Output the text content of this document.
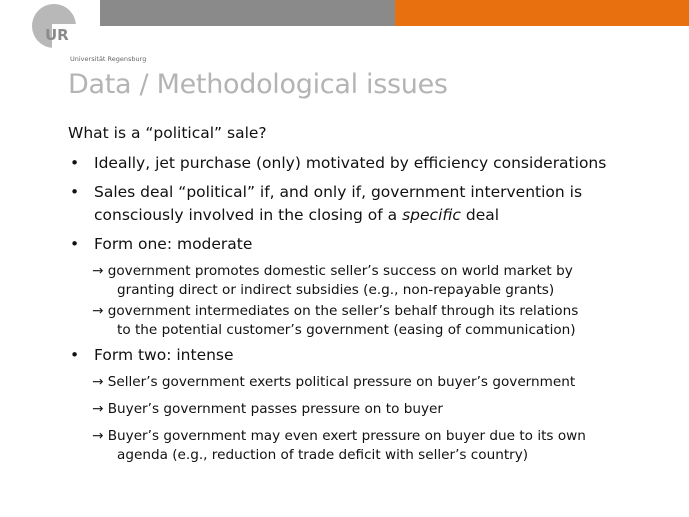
UR
Universität Regensburg
Data / Methodological issues

What is a “political” sale?

• Ideally, jet purchase (only) motivated by efficiency considerations
• Sales deal “political” if, and only if, government intervention is
consciously involved in the closing of a specific deal
• Form one: moderate
→ government promotes domestic seller’s success on world market by
granting direct or indirect subsidies (e.g., non-repayable grants)
→ government intermediates on the seller’s behalf through its relations
to the potential customer’s government (easing of communication)
• Form two: intense
→ Seller’s government exerts political pressure on buyer’s government
→ Buyer’s government passes pressure on to buyer
→ Buyer’s government may even exert pressure on buyer due to its own
agenda (e.g., reduction of trade deficit with seller’s country)
